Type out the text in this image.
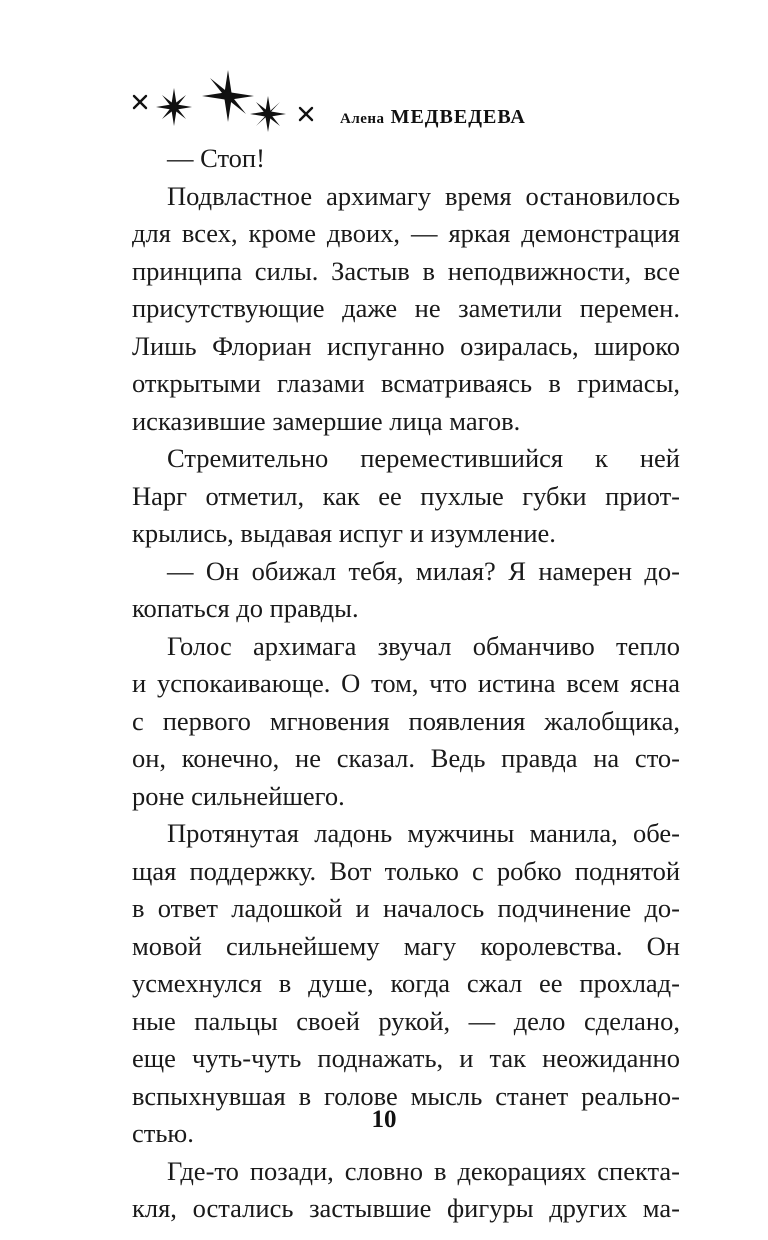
Алена МЕДВЕДЕВА
— Стоп!
Подвластное архимагу время остановилось
для всех, кроме двоих, — яркая демонстрация
принципа силы. Застыв в неподвижности, все
присутствующие даже не заметили перемен.
Лишь Флориан испуганно озиралась, широко
открытыми глазами всматриваясь в гримасы,
исказившие замершие лица магов.
Стремительно переместившийся к ней
Нарг отметил, как ее пухлые губки приот-
крылись, выдавая испуг и изумление.
— Он обижал тебя, милая? Я намерен до-
копаться до правды.
Голос архимага звучал обманчиво тепло
и успокаивающе. О том, что истина всем ясна
с первого мгновения появления жалобщика,
он, конечно, не сказал. Ведь правда на сто-
роне сильнейшего.
Протянутая ладонь мужчины манила, обе-
щая поддержку. Вот только с робко поднятой
в ответ ладошкой и началось подчинение до-
мовой сильнейшему магу королевства. Он
усмехнулся в душе, когда сжал ее прохлад-
ные пальцы своей рукой, — дело сделано,
еще чуть-чуть поднажать, и так неожиданно
вспыхнувшая в голове мысль станет реально-
стью.
Где-то позади, словно в декорациях спекта-
кля, остались застывшие фигуры других ма-
10
